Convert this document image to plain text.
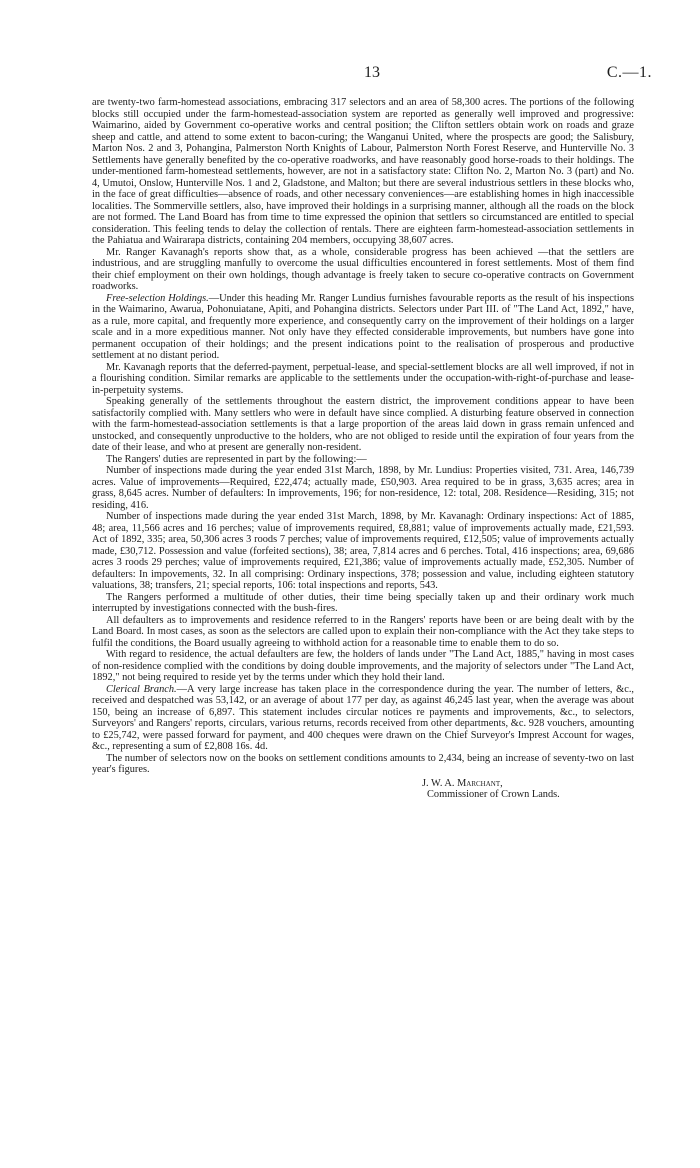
13	C.—1.

are twenty-two farm-homestead associations, embracing 317 selectors and an area of 58,300 acres. The portions of the following blocks still occupied under the farm-homestead-association system are reported as generally well improved and progressive: Waimarino, aided by Government co-operative works and central position; the Clifton settlers obtain work on roads and graze sheep and cattle, and attend to some extent to bacon-curing; the Wanganui United, where the prospects are good; the Salisbury, Marton Nos. 2 and 3, Pohangina, Palmerston North Knights of Labour, Palmerston North Forest Reserve, and Hunterville No. 3 Settlements have generally benefited by the co-operative roadworks, and have reasonably good horse-roads to their holdings. The under-mentioned farm-homestead settlements, however, are not in a satisfactory state: Clifton No. 2, Marton No. 3 (part) and No. 4, Umutoi, Onslow, Hunterville Nos. 1 and 2, Gladstone, and Malton; but there are several industrious settlers in these blocks who, in the face of great difficulties—absence of roads, and other necessary conveniences—are establishing homes in high inaccessible localities. The Sommerville settlers, also, have improved their holdings in a surprising manner, although all the roads on the block are not formed. The Land Board has from time to time expressed the opinion that settlers so circumstanced are entitled to special consideration. This feeling tends to delay the collection of rentals. There are eighteen farm-homestead-association settlements in the Pahiatua and Wairarapa districts, containing 204 members, occupying 38,607 acres.

Mr. Ranger Kavanagh's reports show that, as a whole, considerable progress has been achieved —that the settlers are industrious, and are struggling manfully to overcome the usual difficulties encountered in forest settlements. Most of them find their chief employment on their own holdings, though advantage is freely taken to secure co-operative contracts on Government roadworks.

Free-selection Holdings.—Under this heading Mr. Ranger Lundius furnishes favourable reports as the result of his inspections in the Waimarino, Awarua, Pohonuiatane, Apiti, and Pohangina districts. Selectors under Part III. of "The Land Act, 1892," have, as a rule, more capital, and frequently more experience, and consequently carry on the improvement of their holdings on a larger scale and in a more expeditious manner. Not only have they effected considerable improvements, but numbers have gone into permanent occupation of their holdings; and the present indications point to the realisation of prosperous and productive settlement at no distant period.

Mr. Kavanagh reports that the deferred-payment, perpetual-lease, and special-settlement blocks are all well improved, if not in a flourishing condition. Similar remarks are applicable to the settlements under the occupation-with-right-of-purchase and lease-in-perpetuity systems.

Speaking generally of the settlements throughout the eastern district, the improvement conditions appear to have been satisfactorily complied with. Many settlers who were in default have since complied. A disturbing feature observed in connection with the farm-homestead-association settlements is that a large proportion of the areas laid down in grass remain unfenced and unstocked, and consequently unproductive to the holders, who are not obliged to reside until the expiration of four years from the date of their lease, and who at present are generally non-resident.

The Rangers' duties are represented in part by the following:—

Number of inspections made during the year ended 31st March, 1898, by Mr. Lundius: Properties visited, 731. Area, 146,739 acres. Value of improvements—Required, £22,474; actually made, £50,903. Area required to be in grass, 3,635 acres; area in grass, 8,645 acres. Number of defaulters: In improvements, 196; for non-residence, 12: total, 208. Residence—Residing, 315; not residing, 416.

Number of inspections made during the year ended 31st March, 1898, by Mr. Kavanagh: Ordinary inspections: Act of 1885, 48; area, 11,566 acres and 16 perches; value of improvements required, £8,881; value of improvements actually made, £21,593. Act of 1892, 335; area, 50,306 acres 3 roods 7 perches; value of improvements required, £12,505; value of improvements actually made, £30,712. Possession and value (forfeited sections), 38; area, 7,814 acres and 6 perches. Total, 416 inspections; area, 69,686 acres 3 roods 29 perches; value of improvements required, £21,386; value of improvements actually made, £52,305. Number of defaulters: In impovements, 32. In all comprising: Ordinary inspections, 378; possession and value, including eighteen statutory valuations, 38; transfers, 21; special reports, 106: total inspections and reports, 543.

The Rangers performed a multitude of other duties, their time being specially taken up and their ordinary work much interrupted by investigations connected with the bush-fires.

All defaulters as to improvements and residence referred to in the Rangers' reports have been or are being dealt with by the Land Board. In most cases, as soon as the selectors are called upon to explain their non-compliance with the Act they take steps to fulfil the conditions, the Board usually agreeing to withhold action for a reasonable time to enable them to do so.

With regard to residence, the actual defaulters are few, the holders of lands under "The Land Act, 1885," having in most cases of non-residence complied with the conditions by doing double improvements, and the majority of selectors under "The Land Act, 1892," not being required to reside yet by the terms under which they hold their land.

Clerical Branch.—A very large increase has taken place in the correspondence during the year. The number of letters, &c., received and despatched was 53,142, or an average of about 177 per day, as against 46,245 last year, when the average was about 150, being an increase of 6,897. This statement includes circular notices re payments and improvements, &c., to selectors, Surveyors' and Rangers' reports, circulars, various returns, records received from other departments, &c. 928 vouchers, amounting to £25,742, were passed forward for payment, and 400 cheques were drawn on the Chief Surveyor's Imprest Account for wages, &c., representing a sum of £2,808 16s. 4d.

The number of selectors now on the books on settlement conditions amounts to 2,434, being an increase of seventy-two on last year's figures.

J. W. A. Marchant,
Commissioner of Crown Lands.
